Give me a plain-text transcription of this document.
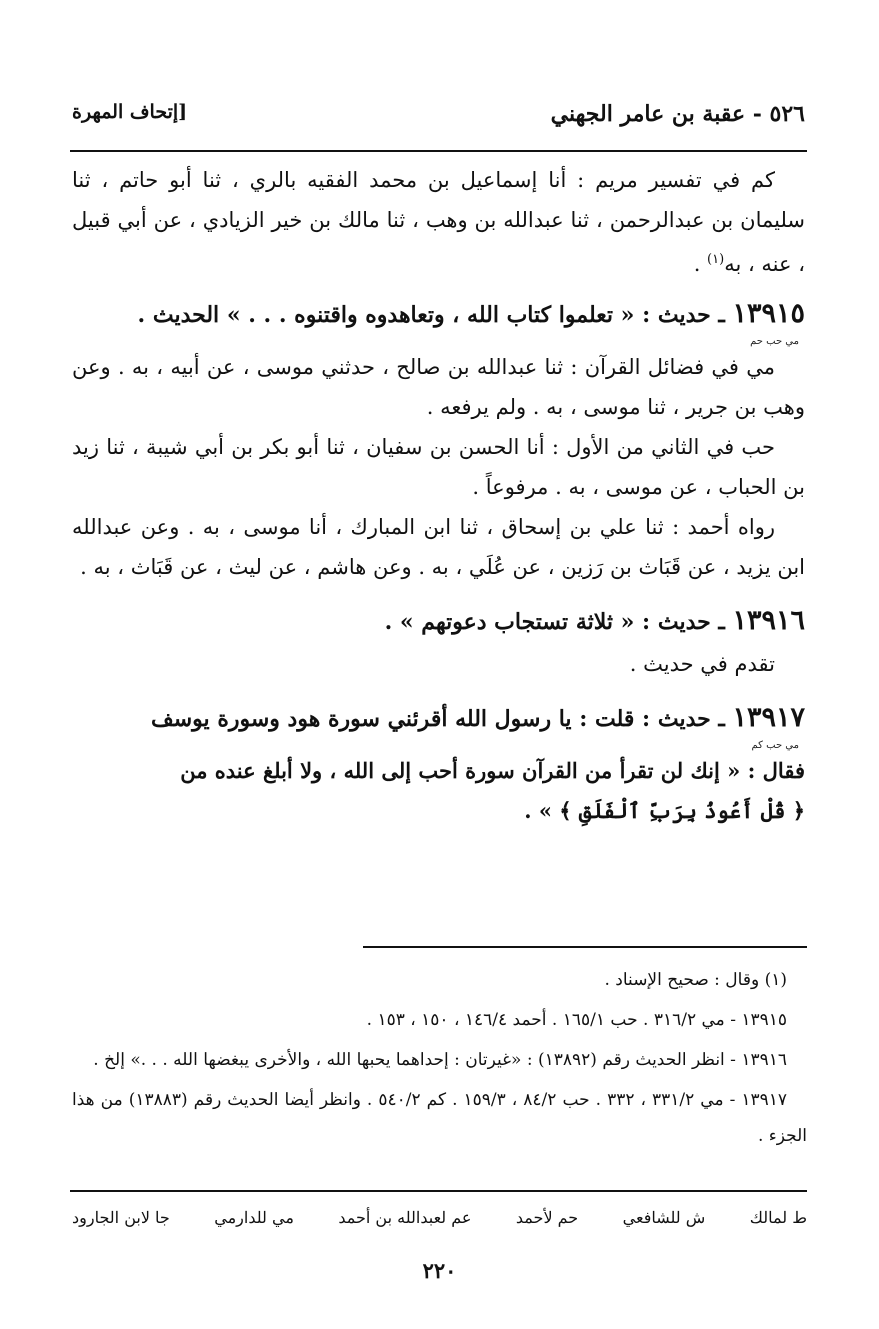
٥٢٦ - عقبة بن عامر الجهني
[إتحاف المهرة

كم في تفسير مريم : أنا إسماعيل بن محمد الفقيه بالري ، ثنا أبو حاتم ، ثنا سليمان بن عبدالرحمن ، ثنا عبدالله بن وهب ، ثنا مالك بن خير الزيادي ، عن أبي قبيل ، عنه ، به$^{(١)}$ .

١٣٩١٥ ـ حديث : « تعلموا كتاب الله ، وتعاهدوه واقتنوه . . . » الحديث .

مي حب حم

مي في فضائل القرآن : ثنا عبدالله بن صالح ، حدثني موسى ، عن أبيه ، به . وعن وهب بن جرير ، ثنا موسى ، به . ولم يرفعه .

حب في الثاني من الأول : أنا الحسن بن سفيان ، ثنا أبو بكر بن أبي شيبة ، ثنا زيد بن الحباب ، عن موسى ، به . مرفوعاً .

رواه أحمد : ثنا علي بن إسحاق ، ثنا ابن المبارك ، أنا موسى ، به . وعن عبدالله ابن يزيد ، عن قَبَاث بن رَزين ، عن عُلَي ، به . وعن هاشم ، عن ليث ، عن قَبَاث ، به .

١٣٩١٦ ـ حديث : « ثلاثة تستجاب دعوتهم » .

تقدم في حديث .

١٣٩١٧ ـ حديث : قلت : يا رسول الله أقرئني سورة هود وسورة يوسف

مي حب كم

فقال : « إنك لن تقرأ من القرآن سورة أحب إلى الله ، ولا أبلغ عنده من

﴿ قُلْ أَعُوذُ بِرَبِّ ٱلْفَلَقِ ﴾ » .

(١) وقال : صحيح الإسناد .

١٣٩١٥ - مي ٣١٦/٢ . حب ١٦٥/١ . أحمد ١٤٦/٤ ، ١٥٠ ، ١٥٣ .

١٣٩١٦ - انظر الحديث رقم (١٣٨٩٢) : «غيرتان : إحداهما يحبها الله ، والأخرى يبغضها الله . . .» إلخ .

١٣٩١٧ - مي ٣٣١/٢ ، ٣٣٢ . حب ٨٤/٢ ، ١٥٩/٣ . كم ٥٤٠/٢ . وانظر أيضا الحديث رقم (١٣٨٨٣) من هذا الجزء .

ط لمالك
ش للشافعي
حم لأحمد
عم لعبدالله بن أحمد
مي للدارمي
جا لابن الجارود
٢٢٠
